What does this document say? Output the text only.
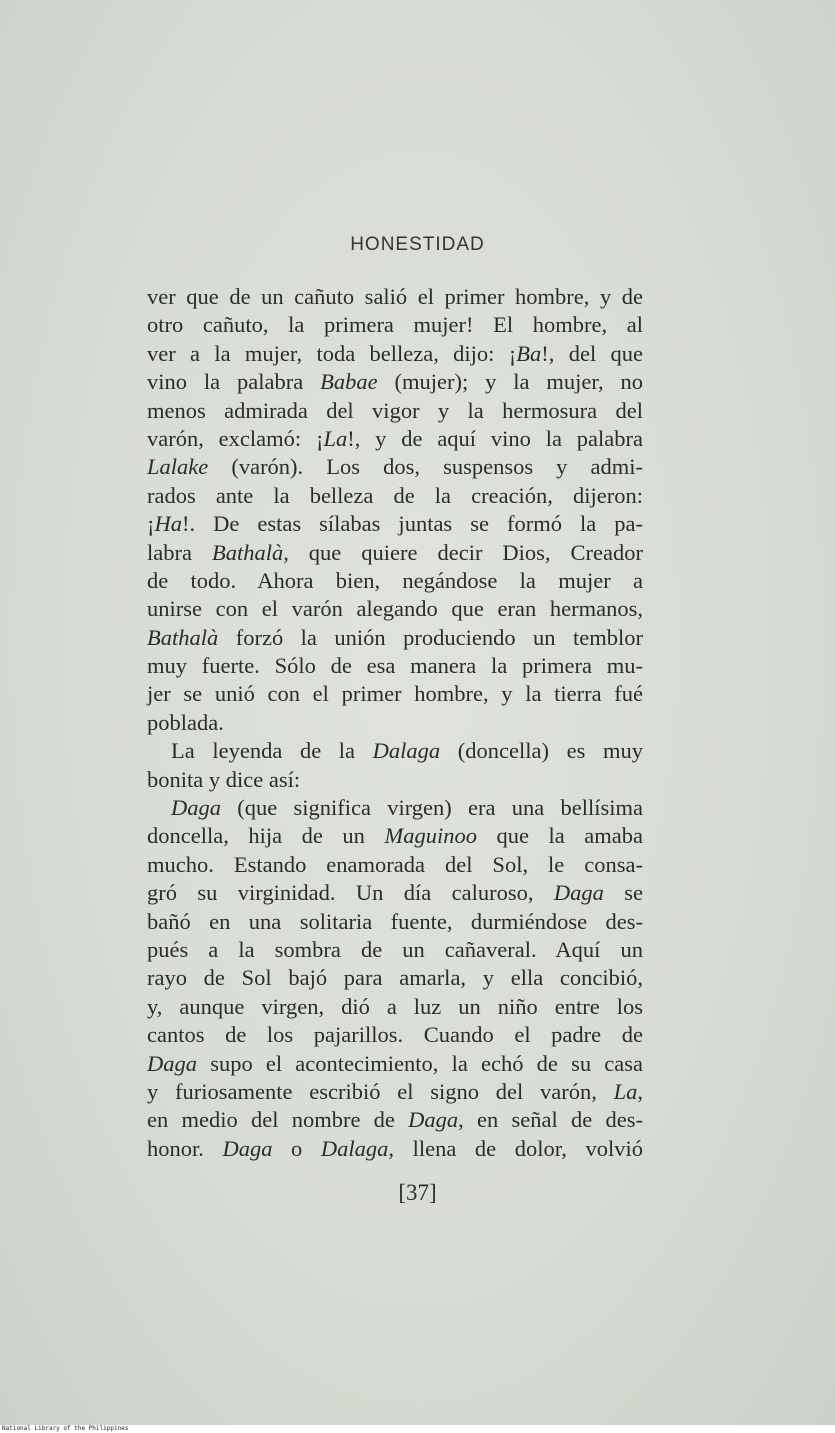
HONESTIDAD
ver que de un cañuto salió el primer hombre, y de
otro cañuto, la primera mujer! El hombre, al
ver a la mujer, toda belleza, dijo: ¡Ba!, del que
vino la palabra Babae (mujer); y la mujer, no
menos admirada del vigor y la hermosura del
varón, exclamó: ¡La!, y de aquí vino la palabra
Lalake (varón). Los dos, suspensos y admi-
rados ante la belleza de la creación, dijeron:
¡Ha!. De estas sílabas juntas se formó la pa-
labra Bathalà, que quiere decir Dios, Creador
de todo. Ahora bien, negándose la mujer a
unirse con el varón alegando que eran hermanos,
Bathalà forzó la unión produciendo un temblor
muy fuerte. Sólo de esa manera la primera mu-
jer se unió con el primer hombre, y la tierra fué
poblada.
La leyenda de la Dalaga (doncella) es muy
bonita y dice así:
Daga (que significa virgen) era una bellísima
doncella, hija de un Maguinoo que la amaba
mucho. Estando enamorada del Sol, le consa-
gró su virginidad. Un día caluroso, Daga se
bañó en una solitaria fuente, durmiéndose des-
pués a la sombra de un cañaveral. Aquí un
rayo de Sol bajó para amarla, y ella concibió,
y, aunque virgen, dió a luz un niño entre los
cantos de los pajarillos. Cuando el padre de
Daga supo el acontecimiento, la echó de su casa
y furiosamente escribió el signo del varón, La,
en medio del nombre de Daga, en señal de des-
honor. Daga o Dalaga, llena de dolor, volvió
[37]
National Library of the Philippines
